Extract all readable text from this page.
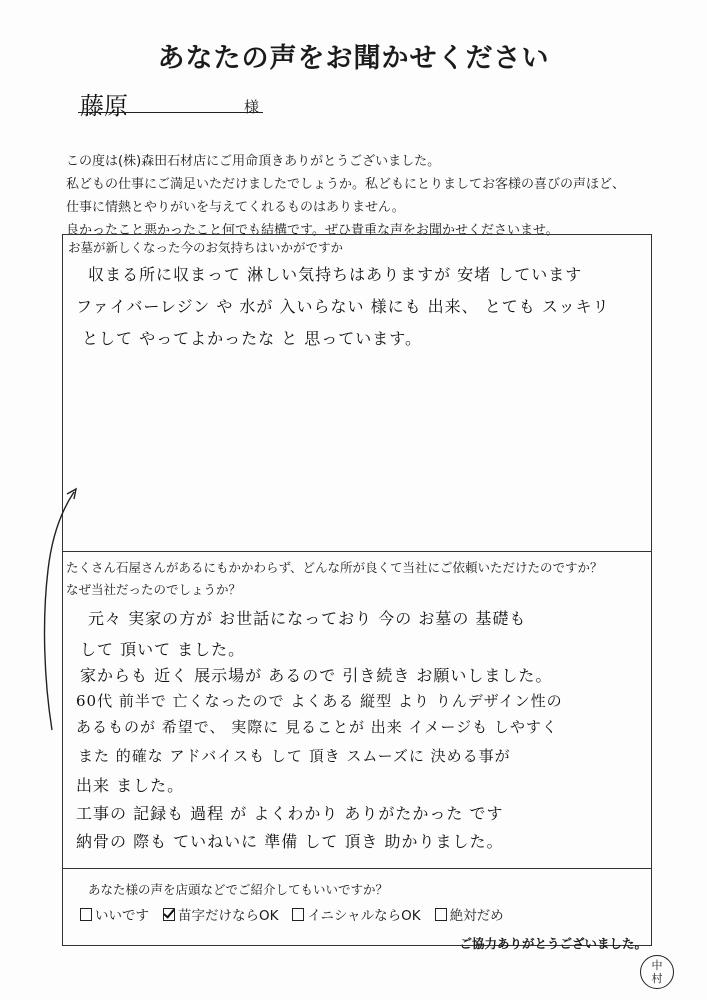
あなたの声をお聞かせください
藤原	様
この度は(株)森田石材店にご用命頂きありがとうございました。
私どもの仕事にご満足いただけましたでしょうか。私どもにとりましてお客様の喜びの声ほど、
仕事に情熱とやりがいを与えてくれるものはありません。
良かったこと悪かったこと何でも結構です。ぜひ貴重な声をお聞かせくださいませ。
お墓が新しくなった今のお気持ちはいかがですか
収まる所に収まって 淋しい気持ちはありますが 安堵 しています
ファイバーレジン や 水が 入いらない 様にも 出来、 とても スッキリ
として やってよかったな と 思っています。
たくさん石屋さんがあるにもかかわらず、どんな所が良くて当社にご依頼いただけたのですか？
なぜ当社だったのでしょうか？
元々 実家の方が お世話になっており 今の お墓の 基礎も
して 頂いて ました。
家からも 近く 展示場が あるので 引き続き お願いしました。
60代 前半で 亡くなったので よくある 縦型 より りんデザイン性の
あるものが 希望で、 実際に 見ることが 出来 イメージも しやすく
また 的確な アドバイスも して 頂き スムーズに 決める事が
出来 ました。
工事の 記録も 過程 が よくわかり ありがたかった です
納骨の 際も ていねいに 準備 して 頂き 助かりました。
あなた様の声を店頭などでご紹介してもいいですか？
いいです 苗字だけならOK イニシャルならOK 絶対だめ
ご協力ありがとうございました。
中
村
